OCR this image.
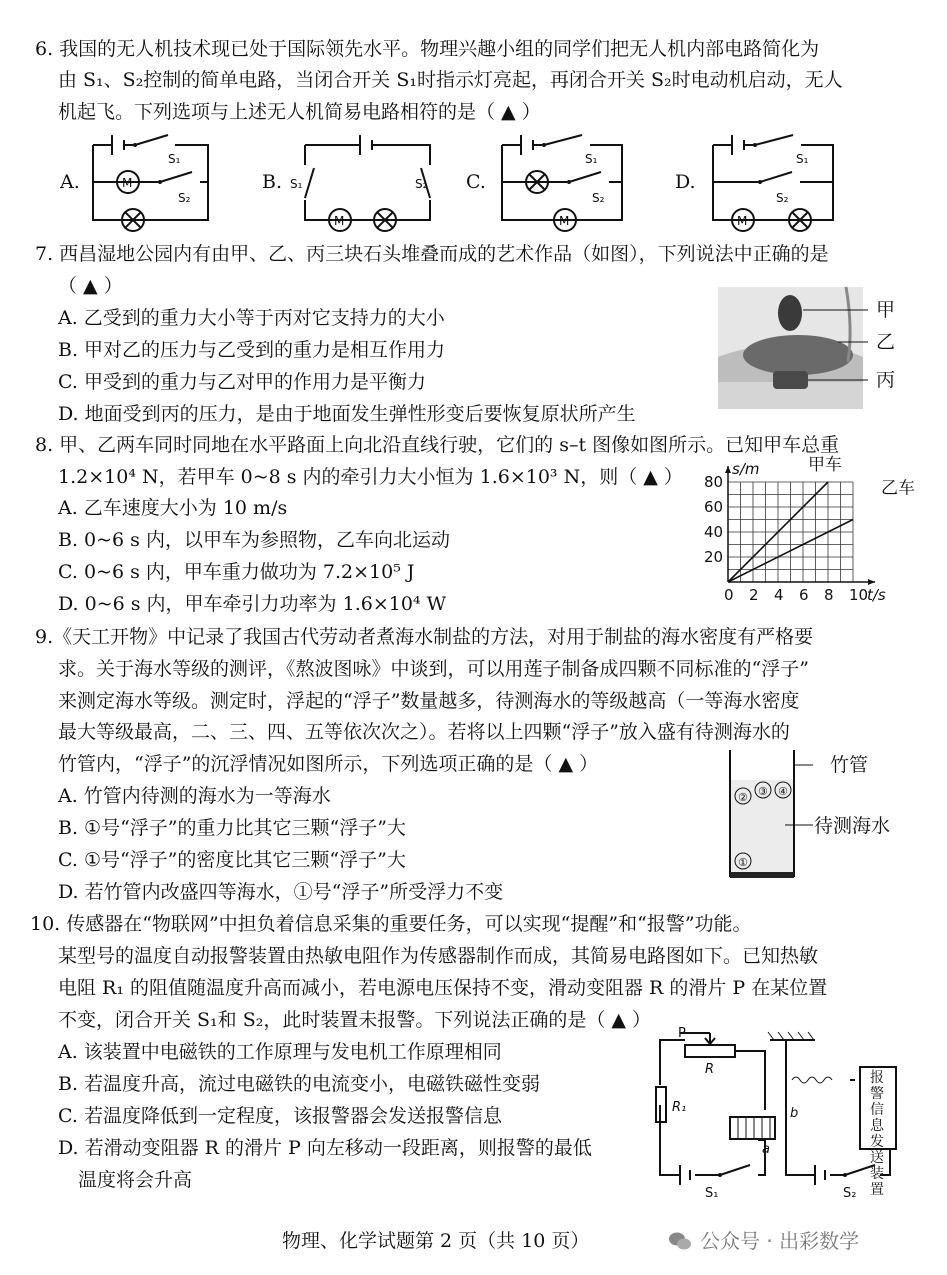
6. 我国的无人机技术现已处于国际领先水平。物理兴趣小组的同学们把无人机内部电路简化为
由 S₁、S₂控制的简单电路，当闭合开关 S₁时指示灯亮起，再闭合开关 S₂时电动机启动，无人
机起飞。下列选项与上述无人机简易电路相符的是（ ▲ ）
A.
S₁
M
S₂
B. S₁	S₂
M
C.
S₁
S₂
M
D.
S₁
S₂
M
7. 西昌湿地公园内有由甲、乙、丙三块石头堆叠而成的艺术作品（如图），下列说法中正确的是
（ ▲ ）
A. 乙受到的重力大小等于丙对它支持力的大小
B. 甲对乙的压力与乙受到的重力是相互作用力
C. 甲受到的重力与乙对甲的作用力是平衡力
D. 地面受到丙的压力，是由于地面发生弹性形变后要恢复原状所产生
甲
乙
丙
8. 甲、乙两车同时同地在水平路面上向北沿直线行驶，它们的 s–t 图像如图所示。已知甲车总重
1.2×10⁴ N，若甲车 0~8 s 内的牵引力大小恒为 1.6×10³ N，则（ ▲ ）
A. 乙车速度大小为 10 m/s
B. 0~6 s 内，以甲车为参照物，乙车向北运动
C. 0~6 s 内，甲车重力做功为 7.2×10⁵ J
D. 0~6 s 内，甲车牵引力功率为 1.6×10⁴ W	0 2 4 6 8 10
20
40
60
80
s/m
t/s
甲车
乙车
9.《天工开物》中记录了我国古代劳动者煮海水制盐的方法，对用于制盐的海水密度有严格要
求。关于海水等级的测评，《熬波图咏》中谈到，可以用莲子制备成四颗不同标准的“浮子”
来测定海水等级。测定时，浮起的“浮子”数量越多，待测海水的等级越高（一等海水密度
最大等级最高，二、三、四、五等依次次之）。若将以上四颗“浮子”放入盛有待测海水的
竹管内，“浮子”的沉浮情况如图所示，下列选项正确的是（ ▲ ）
A. 竹管内待测的海水为一等海水
B. ①号“浮子”的重力比其它三颗“浮子”大
C. ①号“浮子”的密度比其它三颗“浮子”大
D. 若竹管内改盛四等海水，①号“浮子”所受浮力不变
② ③ ④
①
竹管
待测海水
10. 传感器在“物联网”中担负着信息采集的重要任务，可以实现“提醒”和“报警”功能。
某型号的温度自动报警装置由热敏电阻作为传感器制作而成，其简易电路图如下。已知热敏
电阻 R₁ 的阻值随温度升高而减小，若电源电压保持不变，滑动变阻器 R 的滑片 P 在某位置
不变，闭合开关 S₁和 S₂，此时装置未报警。下列说法正确的是（ ▲ ）
A. 该装置中电磁铁的工作原理与发电机工作原理相同
B. 若温度升高，流过电磁铁的电流变小，电磁铁磁性变弱
C. 若温度降低到一定程度，该报警器会发送报警信息
D. 若滑动变阻器 R 的滑片 P 向左移动一段距离，则报警的最低
温度将会升高
P
R
R₁
a
b
S₁	S₂
报警信息发送装置
物理、化学试题第 2 页（共 10 页）	公众号 · 出彩数学
